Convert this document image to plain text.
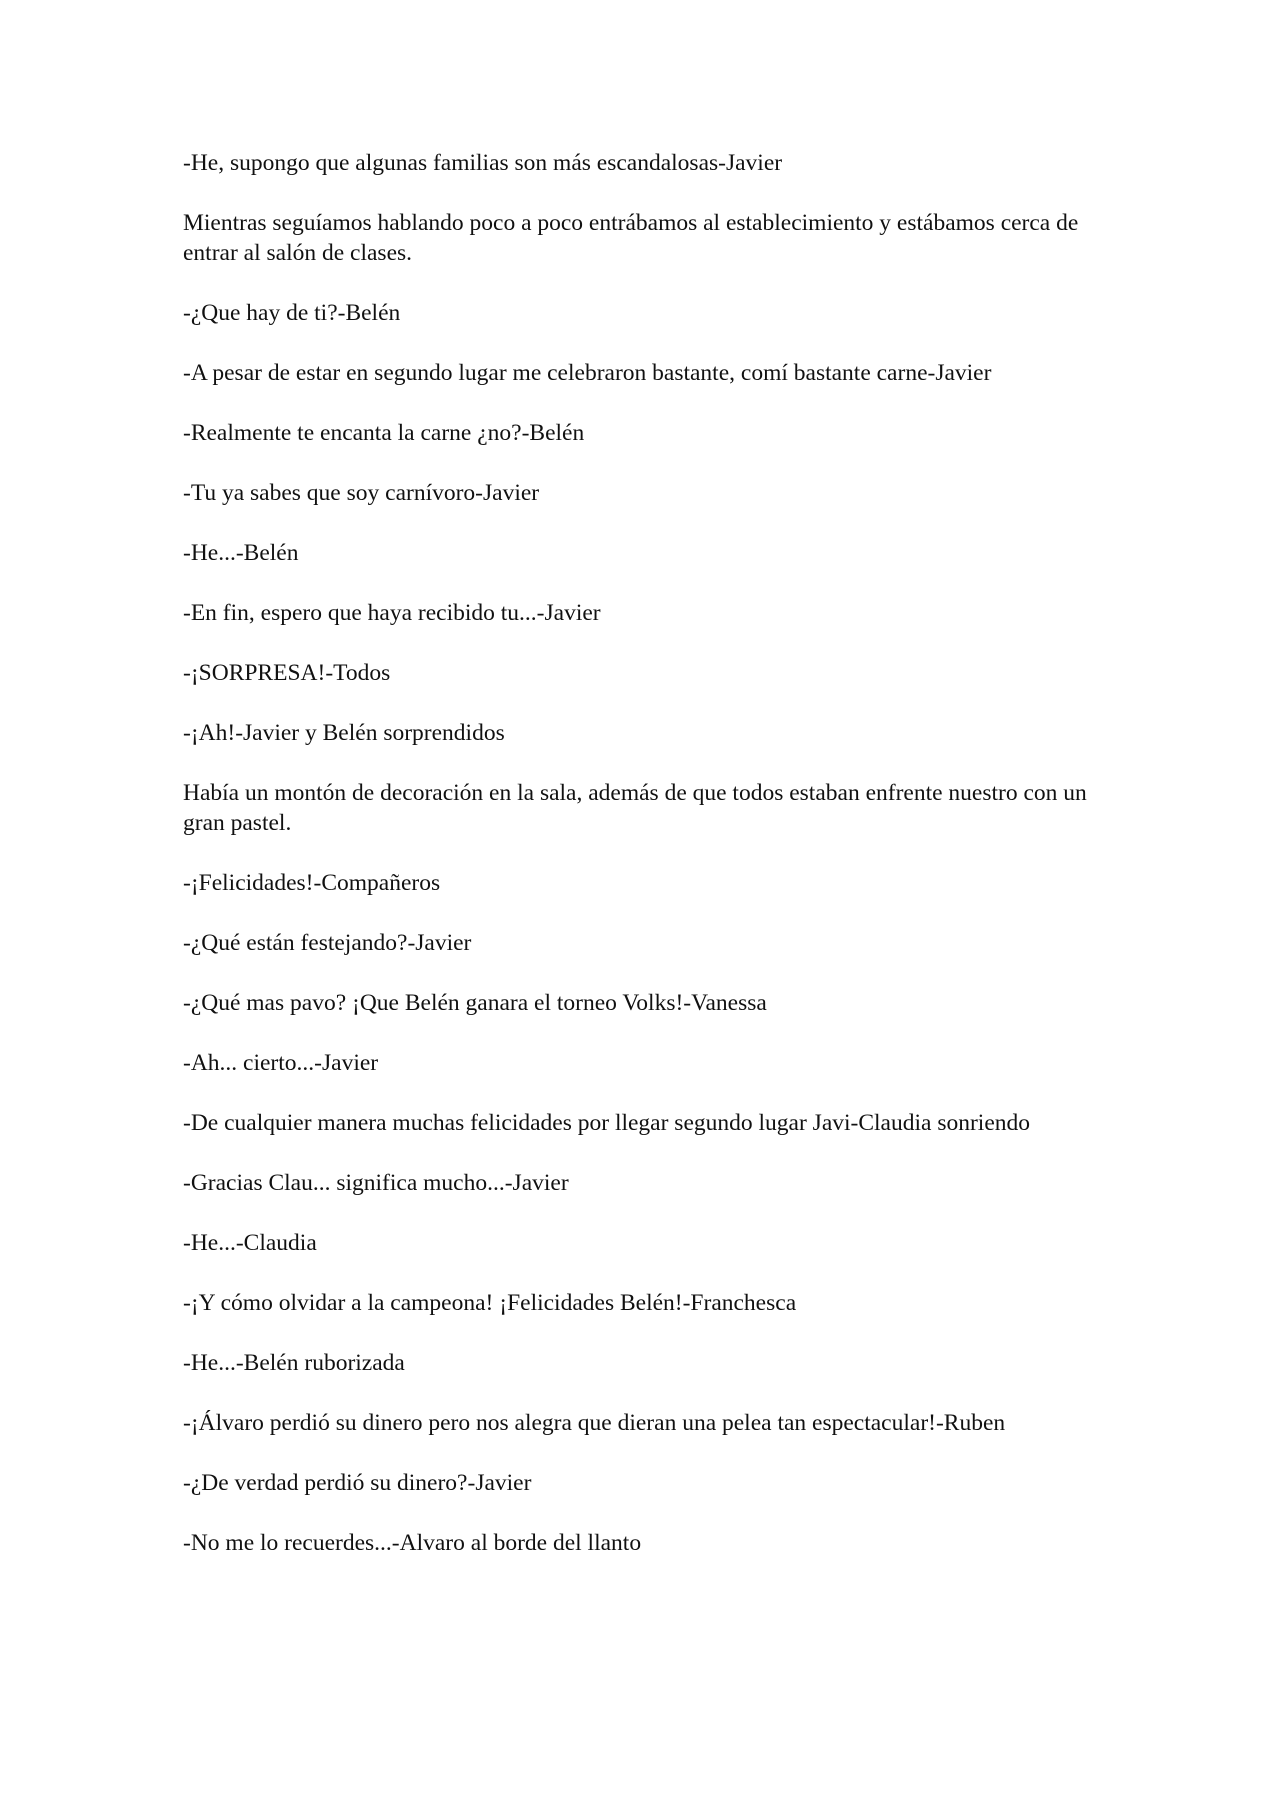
-He, supongo que algunas familias son más escandalosas-Javier

Mientras seguíamos hablando poco a poco entrábamos al establecimiento y estábamos cerca de entrar al salón de clases.

-¿Que hay de ti?-Belén

-A pesar de estar en segundo lugar me celebraron bastante, comí bastante carne-Javier

-Realmente te encanta la carne ¿no?-Belén

-Tu ya sabes que soy carnívoro-Javier

-He...-Belén

-En fin, espero que haya recibido tu...-Javier

-¡SORPRESA!-Todos

-¡Ah!-Javier y Belén sorprendidos

Había un montón de decoración en la sala, además de que todos estaban enfrente nuestro con un gran pastel.

-¡Felicidades!-Compañeros

-¿Qué están festejando?-Javier

-¿Qué mas pavo? ¡Que Belén ganara el torneo Volks!-Vanessa

-Ah... cierto...-Javier

-De cualquier manera muchas felicidades por llegar segundo lugar Javi-Claudia sonriendo

-Gracias Clau... significa mucho...-Javier

-He...-Claudia

-¡Y cómo olvidar a la campeona! ¡Felicidades Belén!-Franchesca

-He...-Belén ruborizada

-¡Álvaro perdió su dinero pero nos alegra que dieran una pelea tan espectacular!-Ruben

-¿De verdad perdió su dinero?-Javier

-No me lo recuerdes...-Alvaro al borde del llanto
